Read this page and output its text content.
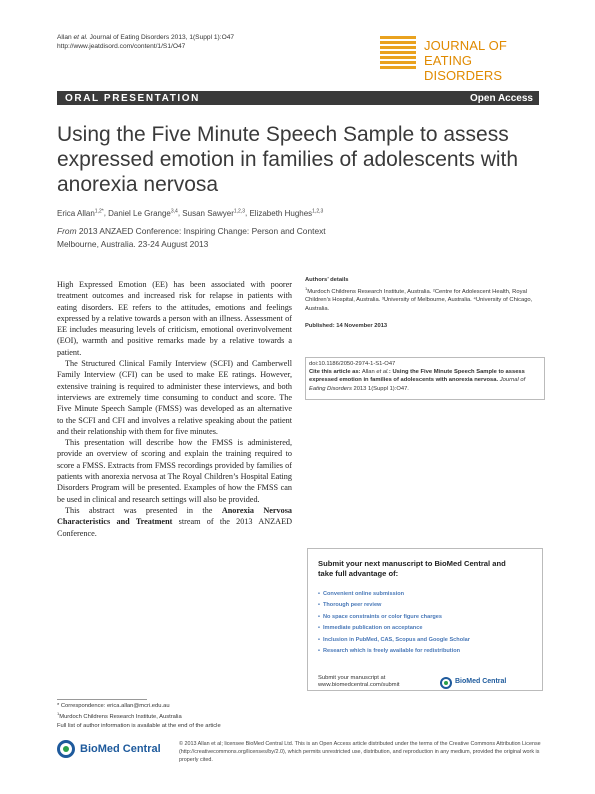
Allan et al. Journal of Eating Disorders 2013, 1(Suppl 1):O47
http://www.jeatdisord.com/content/1/S1/O47	JOURNAL OF
EATING DISORDERS
ORAL PRESENTATION	Open Access
Using the Five Minute Speech Sample to assess expressed emotion in families of adolescents with anorexia nervosa
Erica Allan$^{1,2*}$, Daniel Le Grange$^{3,4}$, Susan Sawyer$^{1,2,3}$, Elizabeth Hughes$^{1,2,3}$
From 2013 ANZAED Conference: Inspiring Change: Person and Context
Melbourne, Australia. 23-24 August 2013

High Expressed Emotion (EE) has been associated with poorer treatment outcomes and increased risk for relapse in patients with eating disorders. EE refers to the attitudes, emotions and feelings expressed by a relative towards a person with an illness. Assessment of EE includes measuring levels of criticism, emotional overinvolvement (EOI), warmth and positive remarks made by a relative towards a patient.

The Structured Clinical Family Interview (SCFI) and Camberwell Family Interview (CFI) can be used to make EE ratings. However, extensive training is required to administer these interviews, and both interviews are extremely time consuming to conduct and score. The Five Minute Speech Sample (FMSS) was developed as an alternative to the SCFI and CFI and involves a relative speaking about the patient and their relationship with them for five minutes.

This presentation will describe how the FMSS is administered, provide an overview of scoring and explain the training required to score a FMSS. Extracts from FMSS recordings provided by families of patients with anorexia nervosa at The Royal Children’s Hospital Eating Disorders Program will be presented. Examples of how the FMSS can be used in clinical and research settings will also be provided.

This abstract was presented in the Anorexia Nervosa Characteristics and Treatment stream of the 2013 ANZAED Conference.

Authors’ details
$^1$Murdoch Childrens Research Institute, Australia. ²Centre for Adolescent Health, Royal Children’s Hospital, Australia. ³University of Melbourne, Australia. ⁴University of Chicago, Australia.
Published: 14 November 2013
doi:10.1186/2050-2974-1-S1-O47
Cite this article as: Allan et al.: Using the Five Minute Speech Sample to assess expressed emotion in families of adolescents with anorexia nervosa. Journal of Eating Disorders 2013 1(Suppl 1):O47.
Submit your next manuscript to BioMed Central and take full advantage of:
• Convenient online submission
• Thorough peer review
• No space constraints or color figure charges
• Immediate publication on acceptance
• Inclusion in PubMed, CAS, Scopus and Google Scholar
• Research which is freely available for redistribution
Submit your manuscript at
www.biomedcentral.com/submit
BioMed Central
* Correspondence: erica.allan@mcri.edu.au
$^1$Murdoch Childrens Research Institute, Australia
Full list of author information is available at the end of the article
BioMed Central	© 2013 Allan et al; licensee BioMed Central Ltd. This is an Open Access article distributed under the terms of the Creative Commons Attribution License (http://creativecommons.org/licenses/by/2.0), which permits unrestricted use, distribution, and reproduction in any medium, provided the original work is properly cited.
